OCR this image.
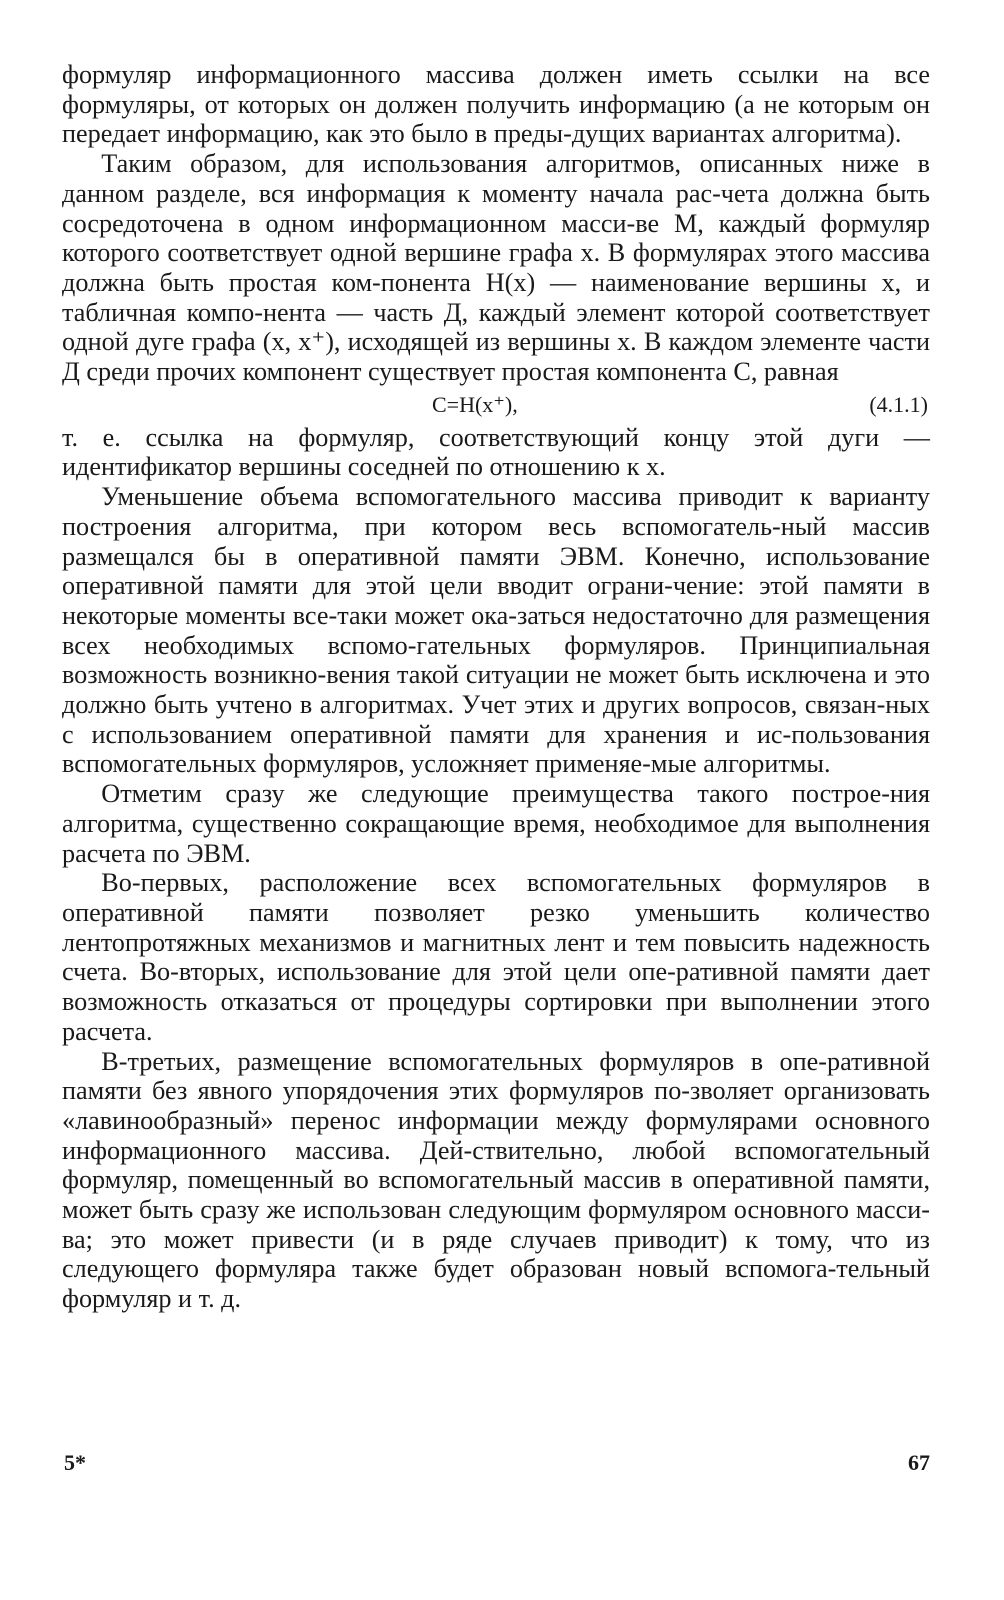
формуляр информационного массива должен иметь ссылки на все формуляры, от которых он должен получить информацию (а не которым он передает информацию, как это было в преды-дущих вариантах алгоритма).

Таким образом, для использования алгоритмов, описанных ниже в данном разделе, вся информация к моменту начала рас-чета должна быть сосредоточена в одном информационном масси-ве М, каждый формуляр которого соответствует одной вершине графа x. В формулярах этого массива должна быть простая ком-понента Н(x) — наименование вершины x, и табличная компо-нента — часть Д, каждый элемент которой соответствует одной дуге графа (x, x⁺), исходящей из вершины x. В каждом элементе части Д среди прочих компонент существует простая компонента С, равная

C=H(x⁺),	(4.1.1)

т. е. ссылка на формуляр, соответствующий концу этой дуги — идентификатор вершины соседней по отношению к x.

Уменьшение объема вспомогательного массива приводит к варианту построения алгоритма, при котором весь вспомогатель-ный массив размещался бы в оперативной памяти ЭВМ. Конечно, использование оперативной памяти для этой цели вводит ограни-чение: этой памяти в некоторые моменты все-таки может ока-заться недостаточно для размещения всех необходимых вспомо-гательных формуляров. Принципиальная возможность возникно-вения такой ситуации не может быть исключена и это должно быть учтено в алгоритмах. Учет этих и других вопросов, связан-ных с использованием оперативной памяти для хранения и ис-пользования вспомогательных формуляров, усложняет применяе-мые алгоритмы.

Отметим сразу же следующие преимущества такого построе-ния алгоритма, существенно сокращающие время, необходимое для выполнения расчета по ЭВМ.

Во-первых, расположение всех вспомогательных формуляров в оперативной памяти позволяет резко уменьшить количество лентопротяжных механизмов и магнитных лент и тем повысить надежность счета. Во-вторых, использование для этой цели опе-ративной памяти дает возможность отказаться от процедуры сортировки при выполнении этого расчета.

В-третьих, размещение вспомогательных формуляров в опе-ративной памяти без явного упорядочения этих формуляров по-зволяет организовать «лавинообразный» перенос информации между формулярами основного информационного массива. Дей-ствительно, любой вспомогательный формуляр, помещенный во вспомогательный массив в оперативной памяти, может быть сразу же использован следующим формуляром основного масси-ва; это может привести (и в ряде случаев приводит) к тому, что из следующего формуляра также будет образован новый вспомога-тельный формуляр и т. д.

5*	67
